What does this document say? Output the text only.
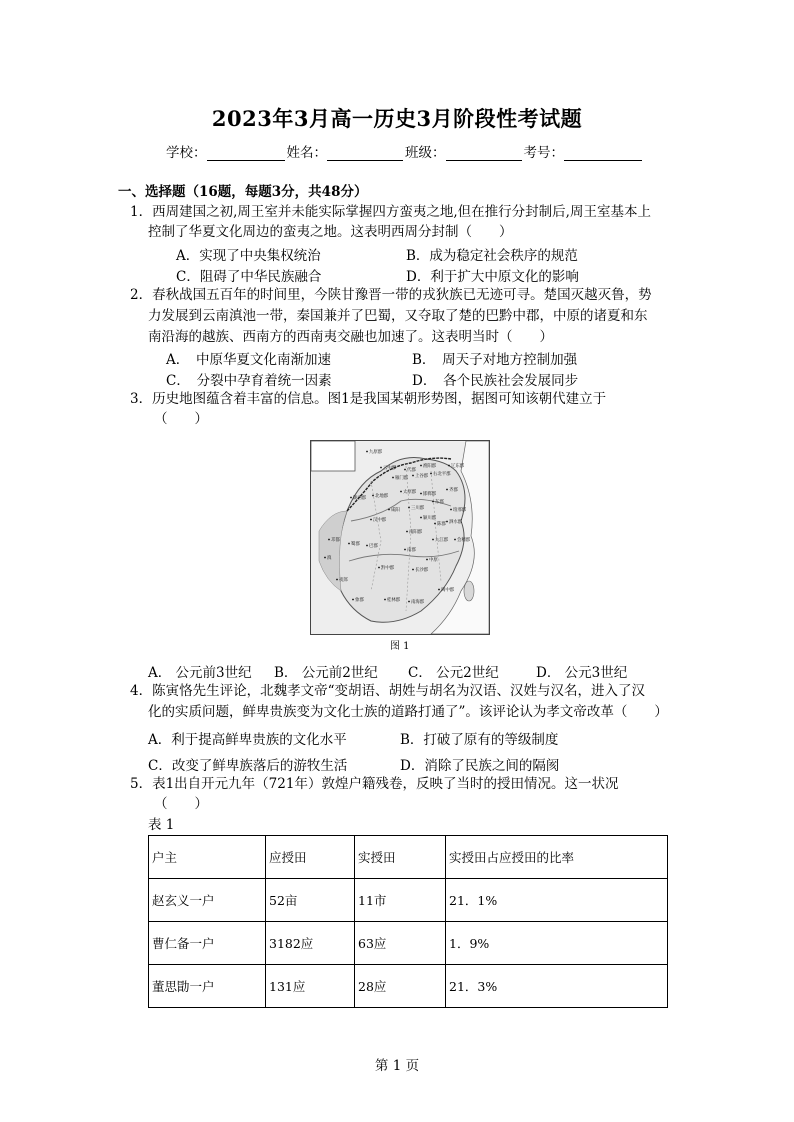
2023年3月高一历史3月阶段性考试题
学校：	姓名：	班级：	考号：
一、选择题（16题，每题3分，共48分）
1．西周建国之初,周王室并未能实际掌握四方蛮夷之地,但在推行分封制后,周王室基本上
控制了华夏文化周边的蛮夷之地。这表明西周分封制（　　）
A．实现了中央集权统治	B．成为稳定社会秩序的规范
C．阻碍了中华民族融合	D．利于扩大中原文化的影响
2．春秋战国五百年的时间里，今陕甘豫晋一带的戎狄族已无迹可寻。楚国灭越灭鲁，势
力发展到云南滇池一带，秦国兼并了巴蜀，又夺取了楚的巴黔中郡，中原的诸夏和东
南沿海的越族、西南方的西南夷交融也加速了。这表明当时（　　）
A．　中原华夏文化南渐加速	B．　周天子对地方控制加强
C．　分裂中孕育着统一因素	D．　各个民族社会发展同步
3．历史地图蕴含着丰富的信息。图1是我国某朝形势图，据图可知该朝代建立于
（　　）
九原郡
辽东郡
右北平郡
代郡
渔阳郡
上谷郡
雁门郡
云中郡
陇西郡 北地郡
太原郡 邯郸郡
齐郡
咸阳	三川郡
东郡
颍川郡
陈郡
琅邪郡
泗水郡
会稽郡
蜀郡
汉中郡
南阳郡
巴郡
南郡
九江郡
黔中郡	长沙郡
象郡	桂林郡 南海郡
闽中郡
滇
夜郎
邛都
中原
图 1
A． 公元前3世纪 B． 公元前2世纪 C． 公元2世纪	D． 公元3世纪
4．陈寅恪先生评论，北魏孝文帝“变胡语、胡姓与胡名为汉语、汉姓与汉名，进入了汉
化的实质问题，鲜卑贵族变为文化士族的道路打通了”。该评论认为孝文帝改革（　　）
A．利于提高鲜卑贵族的文化水平	B．打破了原有的等级制度
C．改变了鲜卑族落后的游牧生活	D．消除了民族之间的隔阂
5．表1出自开元九年（721年）敦煌户籍残卷，反映了当时的授田情况。这一状况
（　　）
表 1
户主	应授田	实授田	实授田占应授田的比率
赵玄义一户	52亩	11市	21．1%
曹仁备一户	3182应	63应	1．9%
董思勖一户	131应	28应	21．3%
第 1 页
